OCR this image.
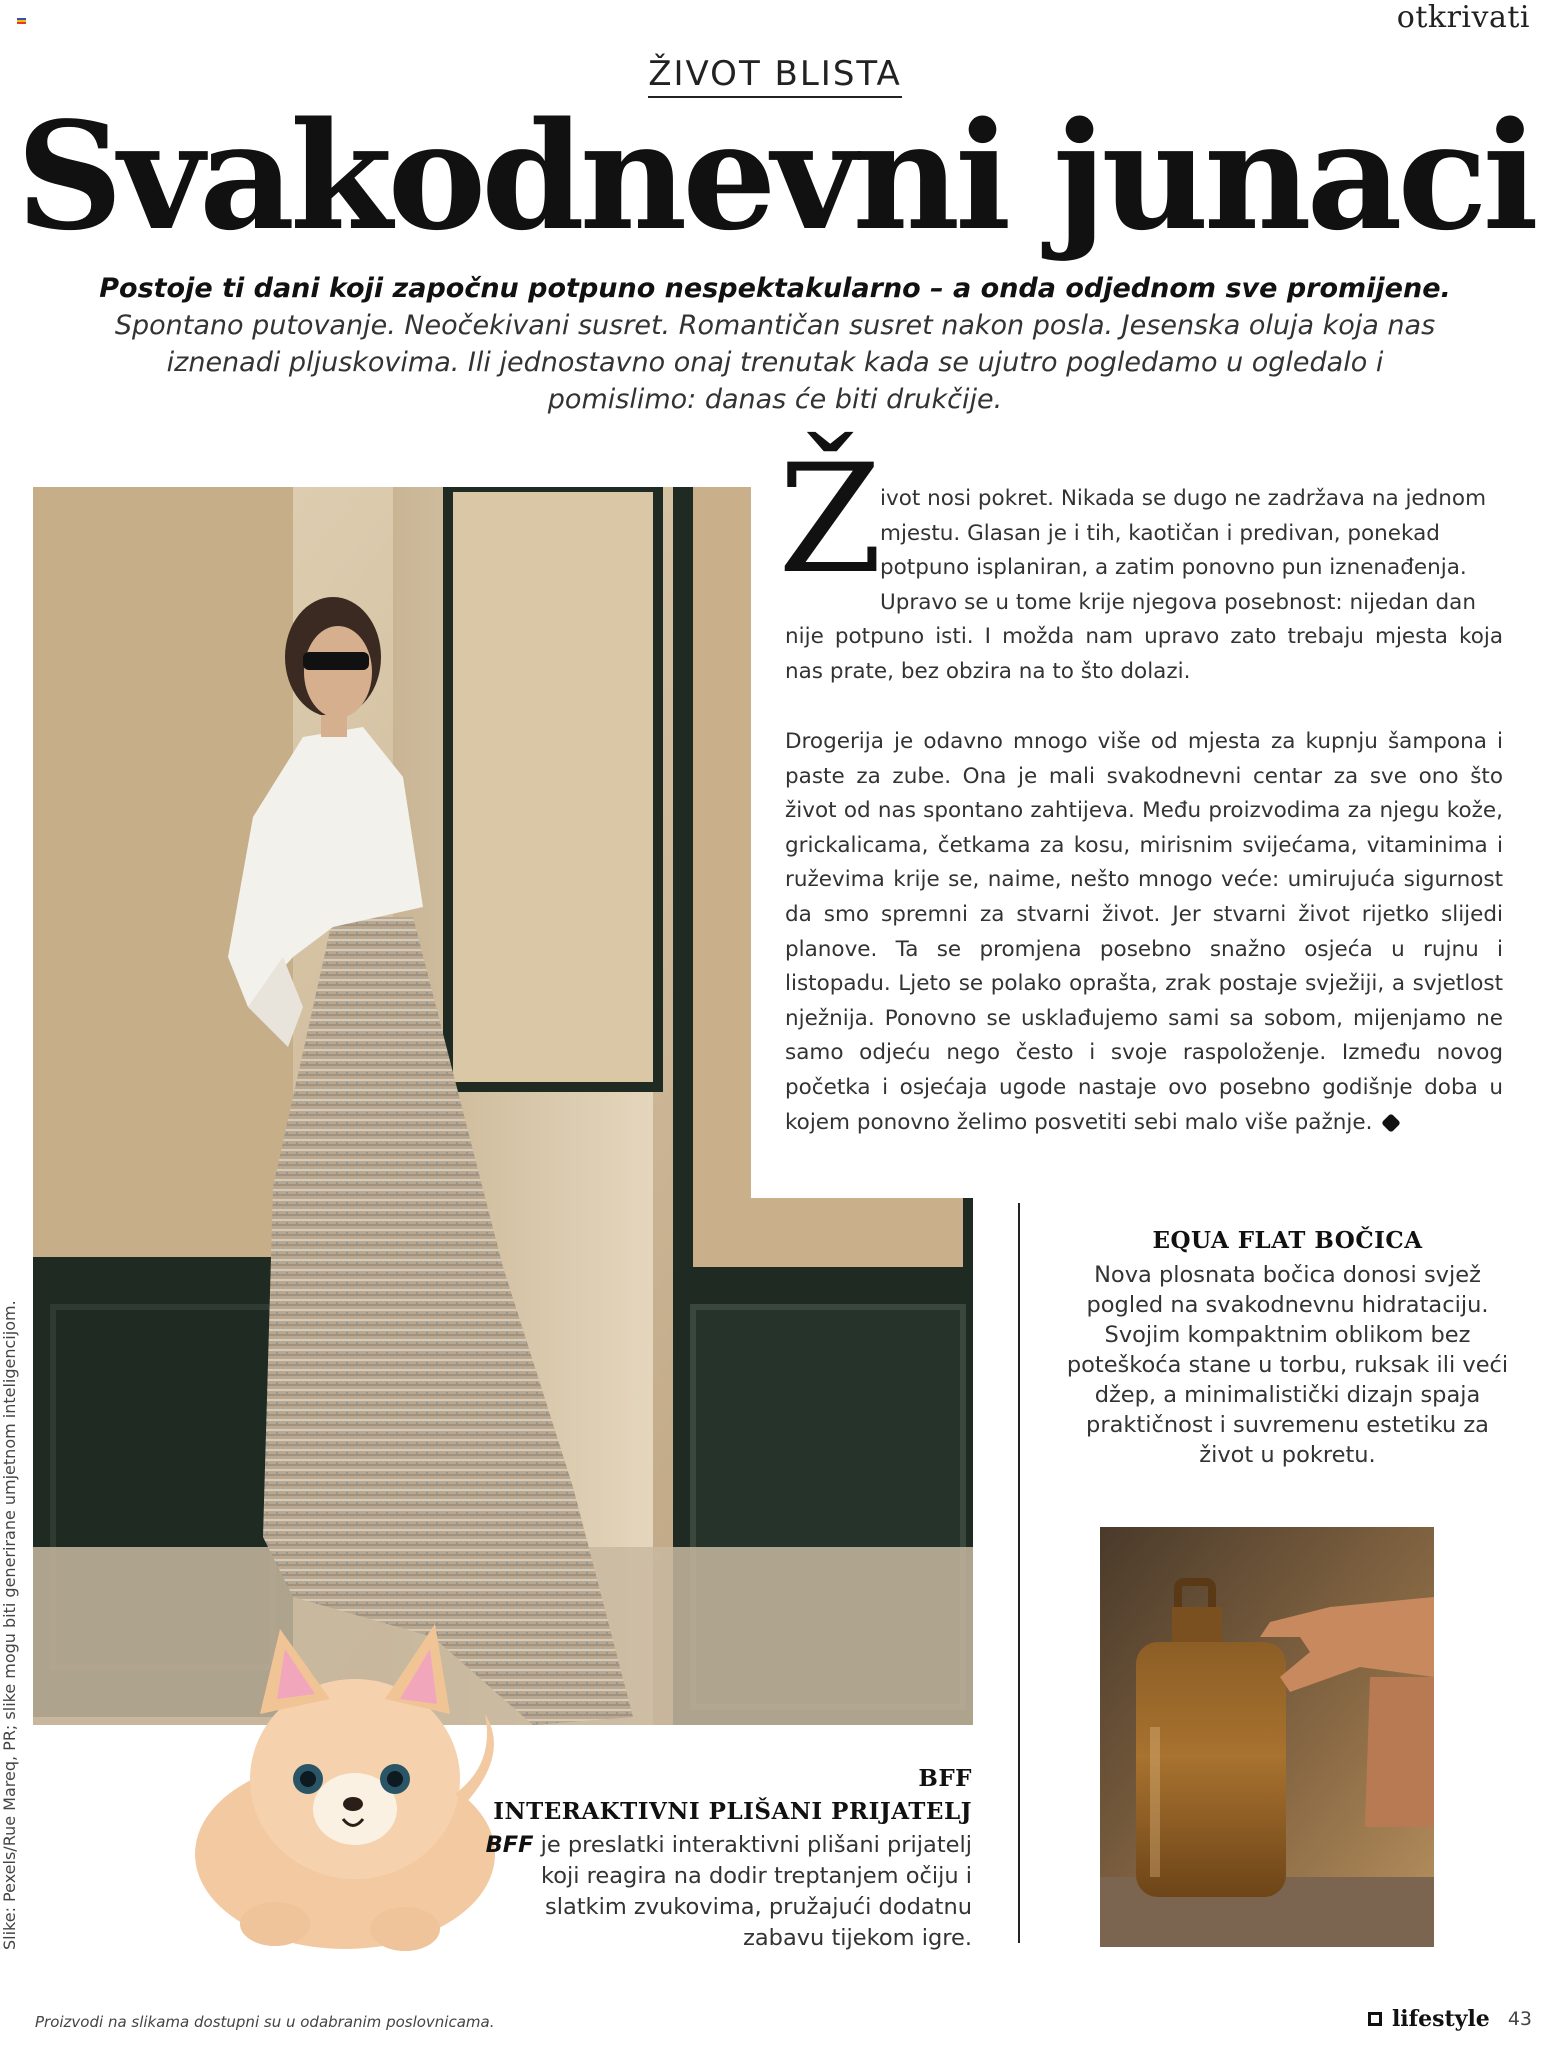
otkrivati
ŽIVOT BLISTA
Svakodnevni junaci
Postoje ti dani koji započnu potpuno nespektakularno – a onda odjednom sve promijene.
Spontano putovanje. Neočekivani susret. Romantičan susret nakon posla. Jesenska oluja koja nas iznenadi pljuskovima. Ili jednostavno onaj trenutak kada se ujutro pogledamo u ogledalo i pomislimo: danas će biti drukčije.
Ž

ivot nosi pokret. Nikada se dugo ne zadržava na jednom mjestu. Glasan je i tih, kaotičan i predivan, ponekad potpuno isplaniran, a zatim ponovno pun iznenađenja. Upravo se u tome krije njegova posebnost: nijedan dan

nije potpuno isti. I možda nam upravo zato trebaju mjesta koja nas prate, bez obzira na to što dolazi.

Drogerija je odavno mnogo više od mjesta za kupnju šampona i paste za zube. Ona je mali svakodnevni centar za sve ono što život od nas spontano zahtijeva. Među proizvodima za njegu kože, grickalicama, četkama za kosu, mirisnim svijećama, vitaminima i ruževima krije se, naime, nešto mnogo veće: umirujuća sigurnost da smo spremni za stvarni život. Jer stvarni život rijetko slijedi planove. Ta se promjena posebno snažno osjeća u rujnu i listopadu. Ljeto se polako oprašta, zrak postaje svježiji, a svjetlost nježnija. Ponovno se usklađujemo sami sa sobom, mijenjamo ne samo odjeću nego često i svoje raspoloženje. Između novog početka i osjećaja ugode nastaje ovo posebno godišnje doba u kojem ponovno želimo posvetiti sebi malo više pažnje.

EQUA FLAT BOČICA
Nova plosnata bočica donosi svjež pogled na svakodnevnu hidrataciju. Svojim kompaktnim oblikom bez poteškoća stane u torbu, ruksak ili veći džep, a minimalistički dizajn spaja praktičnost i suvremenu estetiku za život u pokretu.
BFF
INTERAKTIVNI PLIŠANI PRIJATELJ
BFF je preslatki interaktivni plišani prijatelj koji reagira na dodir treptanjem očiju i slatkim zvukovima, pružajući dodatnu zabavu tijekom igre.
Slike: Pexels/Rue Mareq, PR; slike mogu biti generirane umjetnom inteligencijom.
Proizvodi na slikama dostupni su u odabranim poslovnicama.	lifestyle 43
